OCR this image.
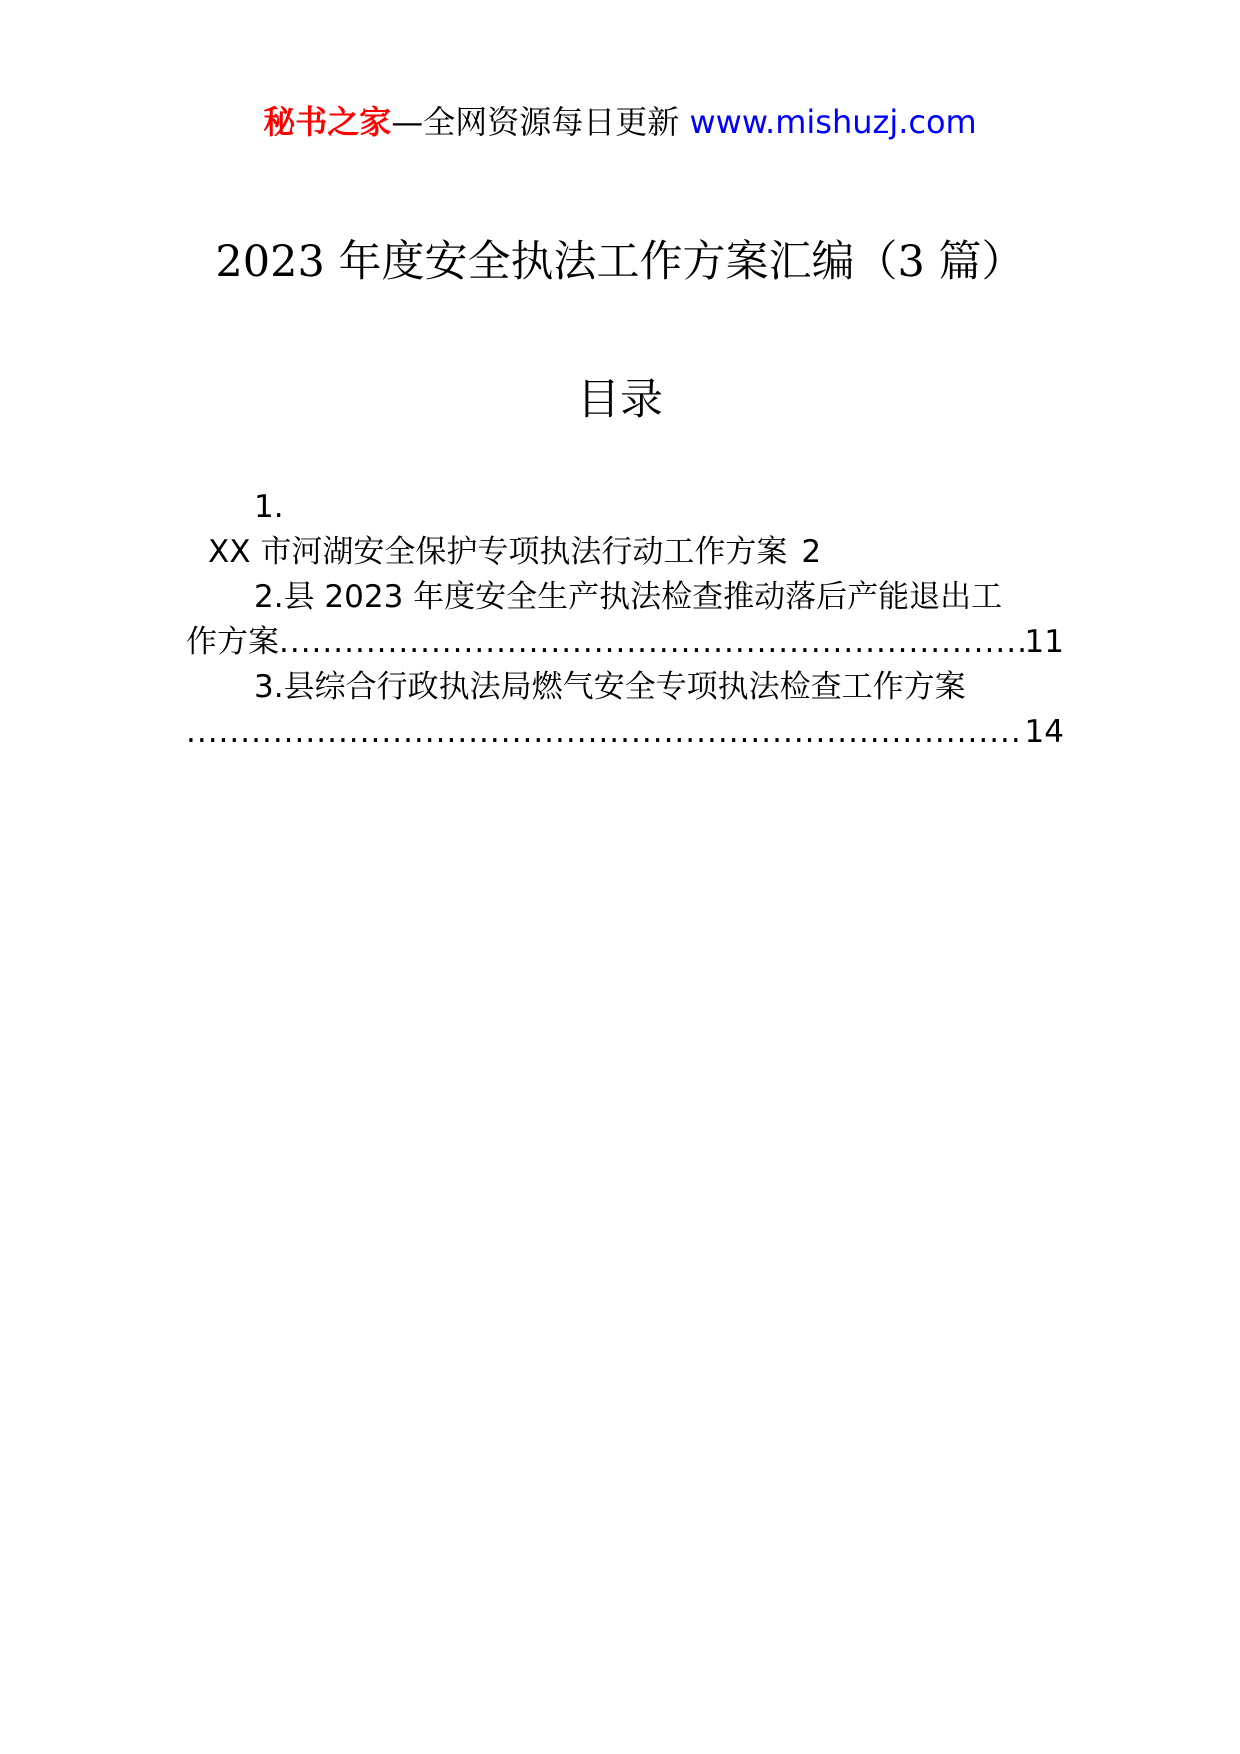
秘书之家—全网资源每日更新 www.mishuzj.com
2023 年度安全执法工作方案汇编（3 篇）
目录
1.
XX 市河湖安全保护专项执法行动工作方案 2
2.县 2023 年度安全生产执法检查推动落后产能退出工
作方案
.....	11
3.县综合行政执法局燃气安全专项执法检查工作方案
.....
14
